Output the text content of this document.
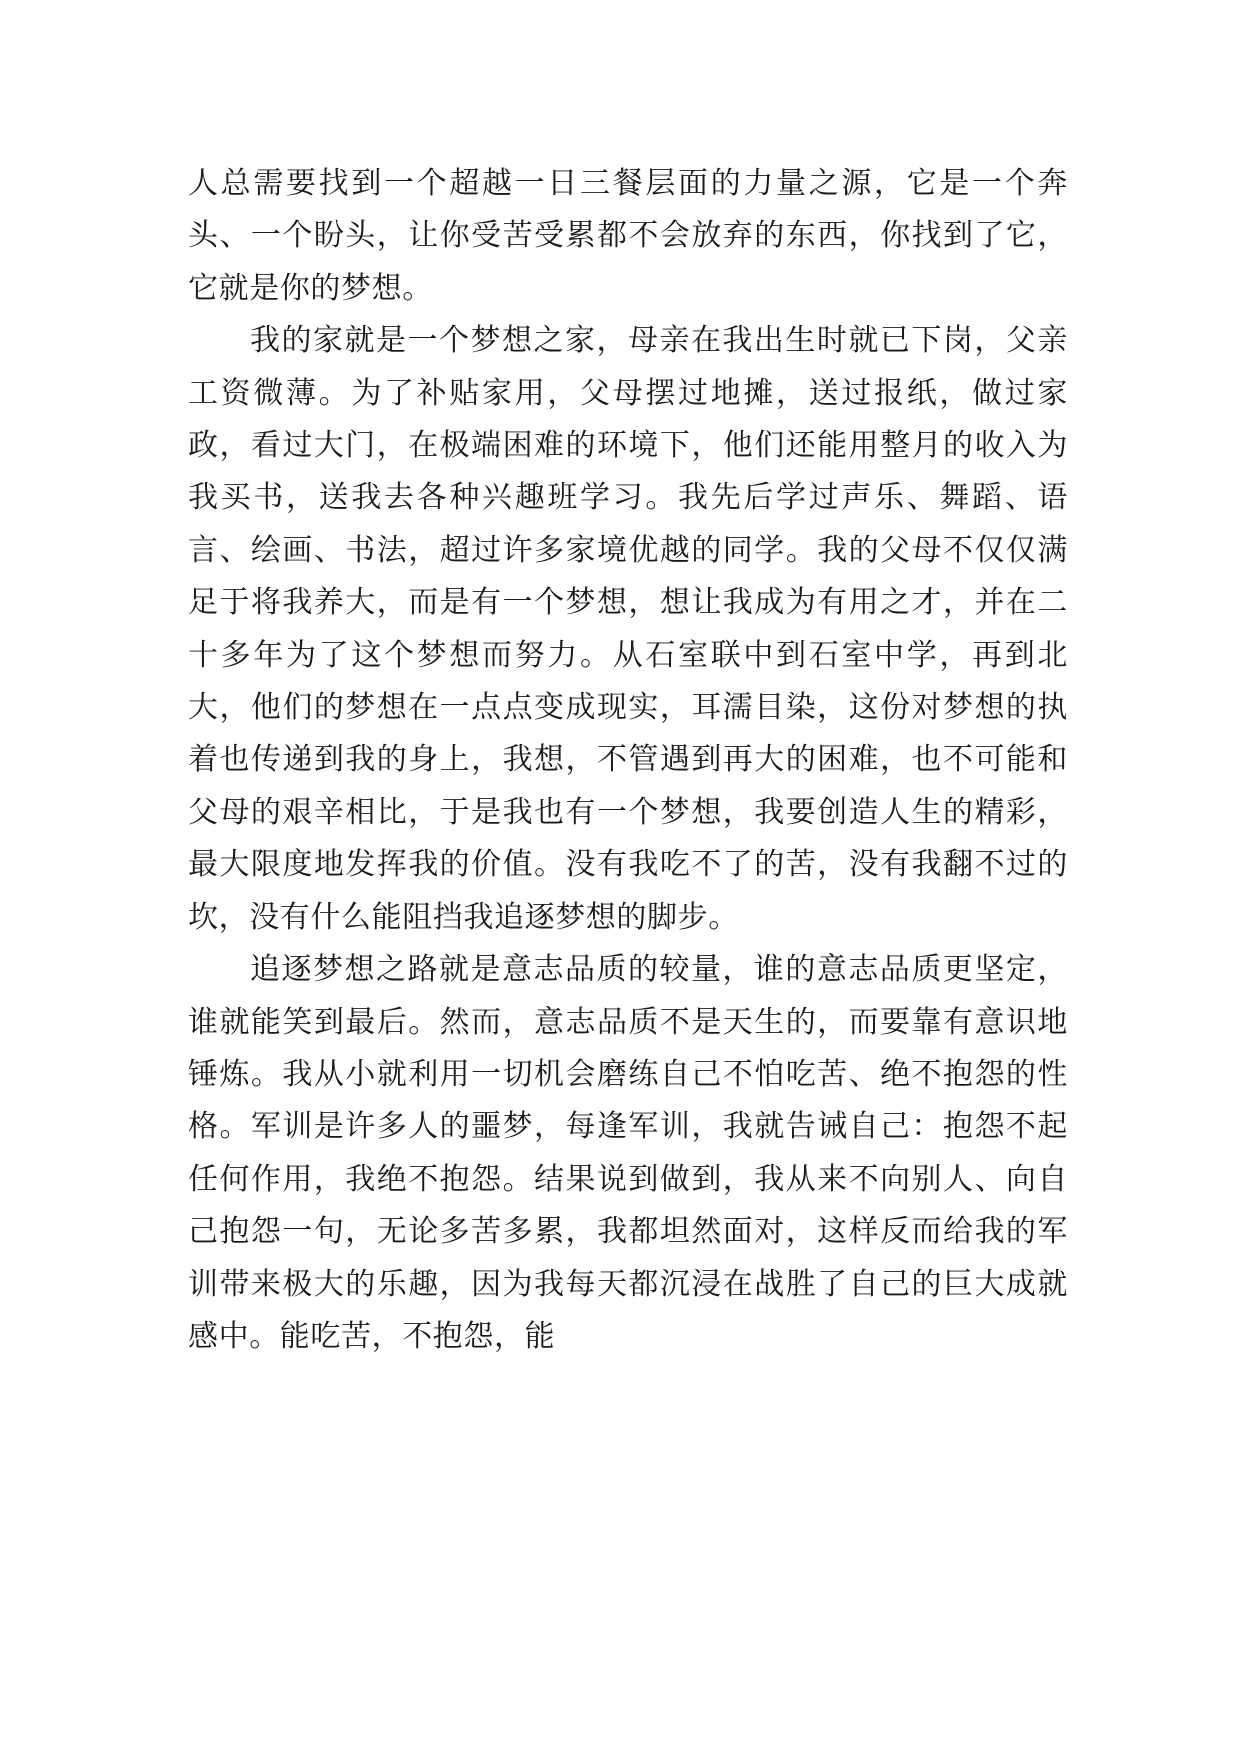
人总需要找到一个超越一日三餐层面的力量之源，它是一个奔头、一个盼头，让你受苦受累都不会放弃的东西，你找到了它，它就是你的梦想。

我的家就是一个梦想之家，母亲在我出生时就已下岗，父亲工资微薄。为了补贴家用，父母摆过地摊，送过报纸，做过家政，看过大门，在极端困难的环境下，他们还能用整月的收入为我买书，送我去各种兴趣班学习。我先后学过声乐、舞蹈、语言、绘画、书法，超过许多家境优越的同学。我的父母不仅仅满足于将我养大，而是有一个梦想，想让我成为有用之才，并在二十多年为了这个梦想而努力。从石室联中到石室中学，再到北大，他们的梦想在一点点变成现实，耳濡目染，这份对梦想的执着也传递到我的身上，我想，不管遇到再大的困难，也不可能和父母的艰辛相比，于是我也有一个梦想，我要创造人生的精彩，最大限度地发挥我的价值。没有我吃不了的苦，没有我翻不过的坎，没有什么能阻挡我追逐梦想的脚步。

追逐梦想之路就是意志品质的较量，谁的意志品质更坚定，谁就能笑到最后。然而，意志品质不是天生的，而要靠有意识地锤炼。我从小就利用一切机会磨练自己不怕吃苦、绝不抱怨的性格。军训是许多人的噩梦，每逢军训，我就告诫自己：抱怨不起任何作用，我绝不抱怨。结果说到做到，我从来不向别人、向自己抱怨一句，无论多苦多累，我都坦然面对，这样反而给我的军训带来极大的乐趣，因为我每天都沉浸在战胜了自己的巨大成就感中。能吃苦，不抱怨，能
